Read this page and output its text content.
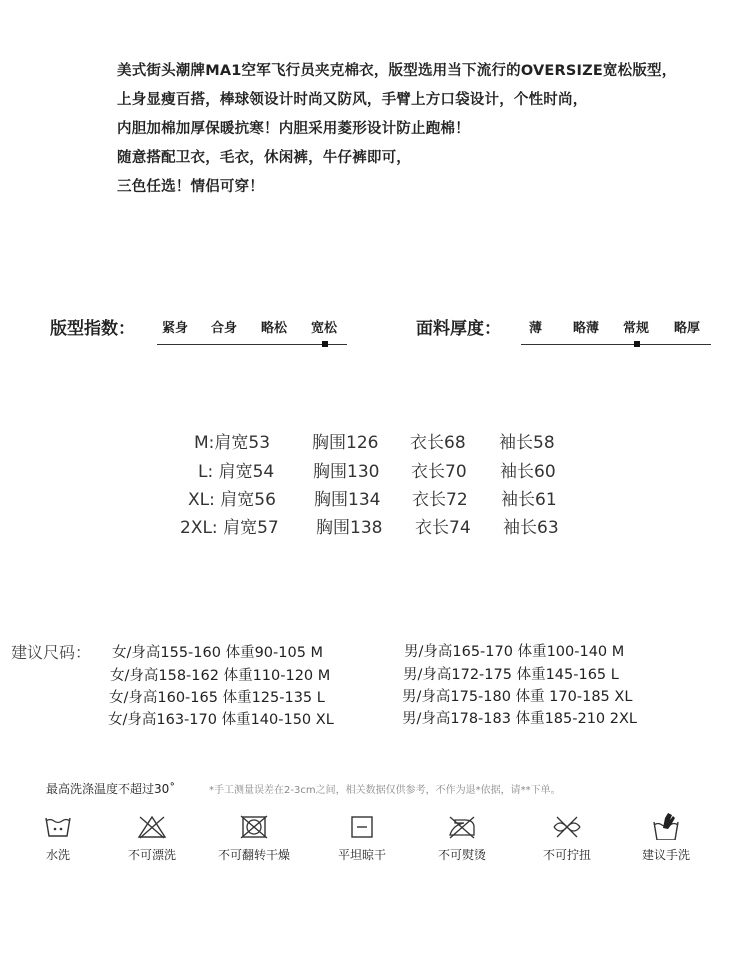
美式街头潮牌MA1空军飞行员夹克棉衣，版型选用当下流行的OVERSIZE宽松版型，
上身显瘦百搭，棒球领设计时尚又防风，手臂上方口袋设计，个性时尚，
内胆加棉加厚保暖抗寒！内胆采用菱形设计防止跑棉！
随意搭配卫衣，毛衣，休闲裤，牛仔裤即可，
三色任选！情侣可穿！
版型指数： 紧身 合身 略松 宽松	面料厚度： 薄 略薄 常规 略厚
M:肩宽53 胸围126 衣长68 袖长58
L: 肩宽54 胸围130 衣长70 袖长60
XL: 肩宽56 胸围134 衣长72 袖长61
2XL: 肩宽57 胸围138 衣长74 袖长63
建议尺码： 女/身高155-160 体重90-105 M
女/身高158-162 体重110-120 M
女/身高160-165 体重125-135 L
女/身高163-170 体重140-150 XL
男/身高165-170 体重100-140 M
男/身高172-175 体重145-165 L
男/身高175-180 体重 170-185 XL
男/身高178-183 体重185-210 2XL
最高洗涤温度不超过30˚	*手工测量误差在2-3cm之间，相关数据仅供参考，不作为退*依据，请**下单。
水洗	不可漂洗	不可翻转干燥	平坦晾干	不可熨烫	不可拧扭	建议手洗
